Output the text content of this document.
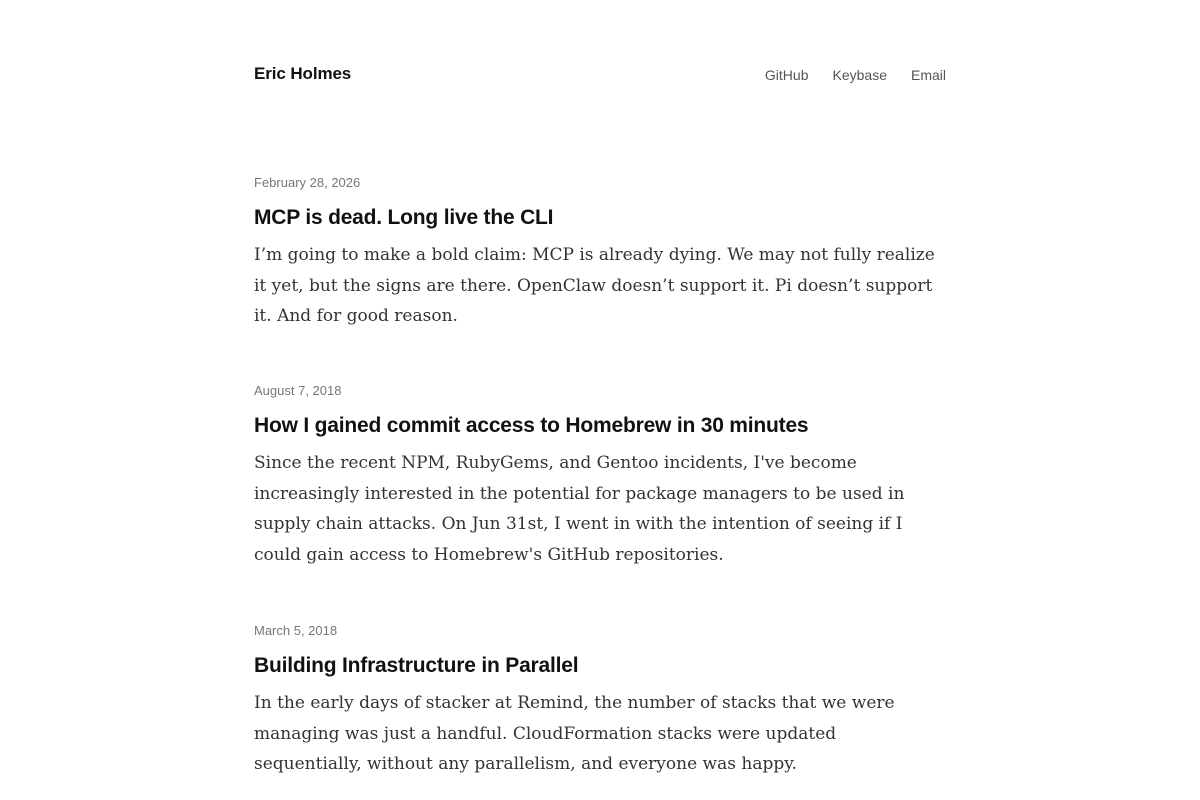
Eric Holmes	GitHub Keybase Email
February 28, 2026
MCP is dead. Long live the CLI
I’m going to make a bold claim: MCP is already dying. We may not fully realize it yet, but the signs are there. OpenClaw doesn’t support it. Pi doesn’t support it. And for good reason.
August 7, 2018
How I gained commit access to Homebrew in 30 minutes
Since the recent NPM, RubyGems, and Gentoo incidents, I've become increasingly interested in the potential for package managers to be used in supply chain attacks. On Jun 31st, I went in with the intention of seeing if I could gain access to Homebrew's GitHub repositories.
March 5, 2018
Building Infrastructure in Parallel
In the early days of stacker at Remind, the number of stacks that we were managing was just a handful. CloudFormation stacks were updated sequentially, without any parallelism, and everyone was happy.
